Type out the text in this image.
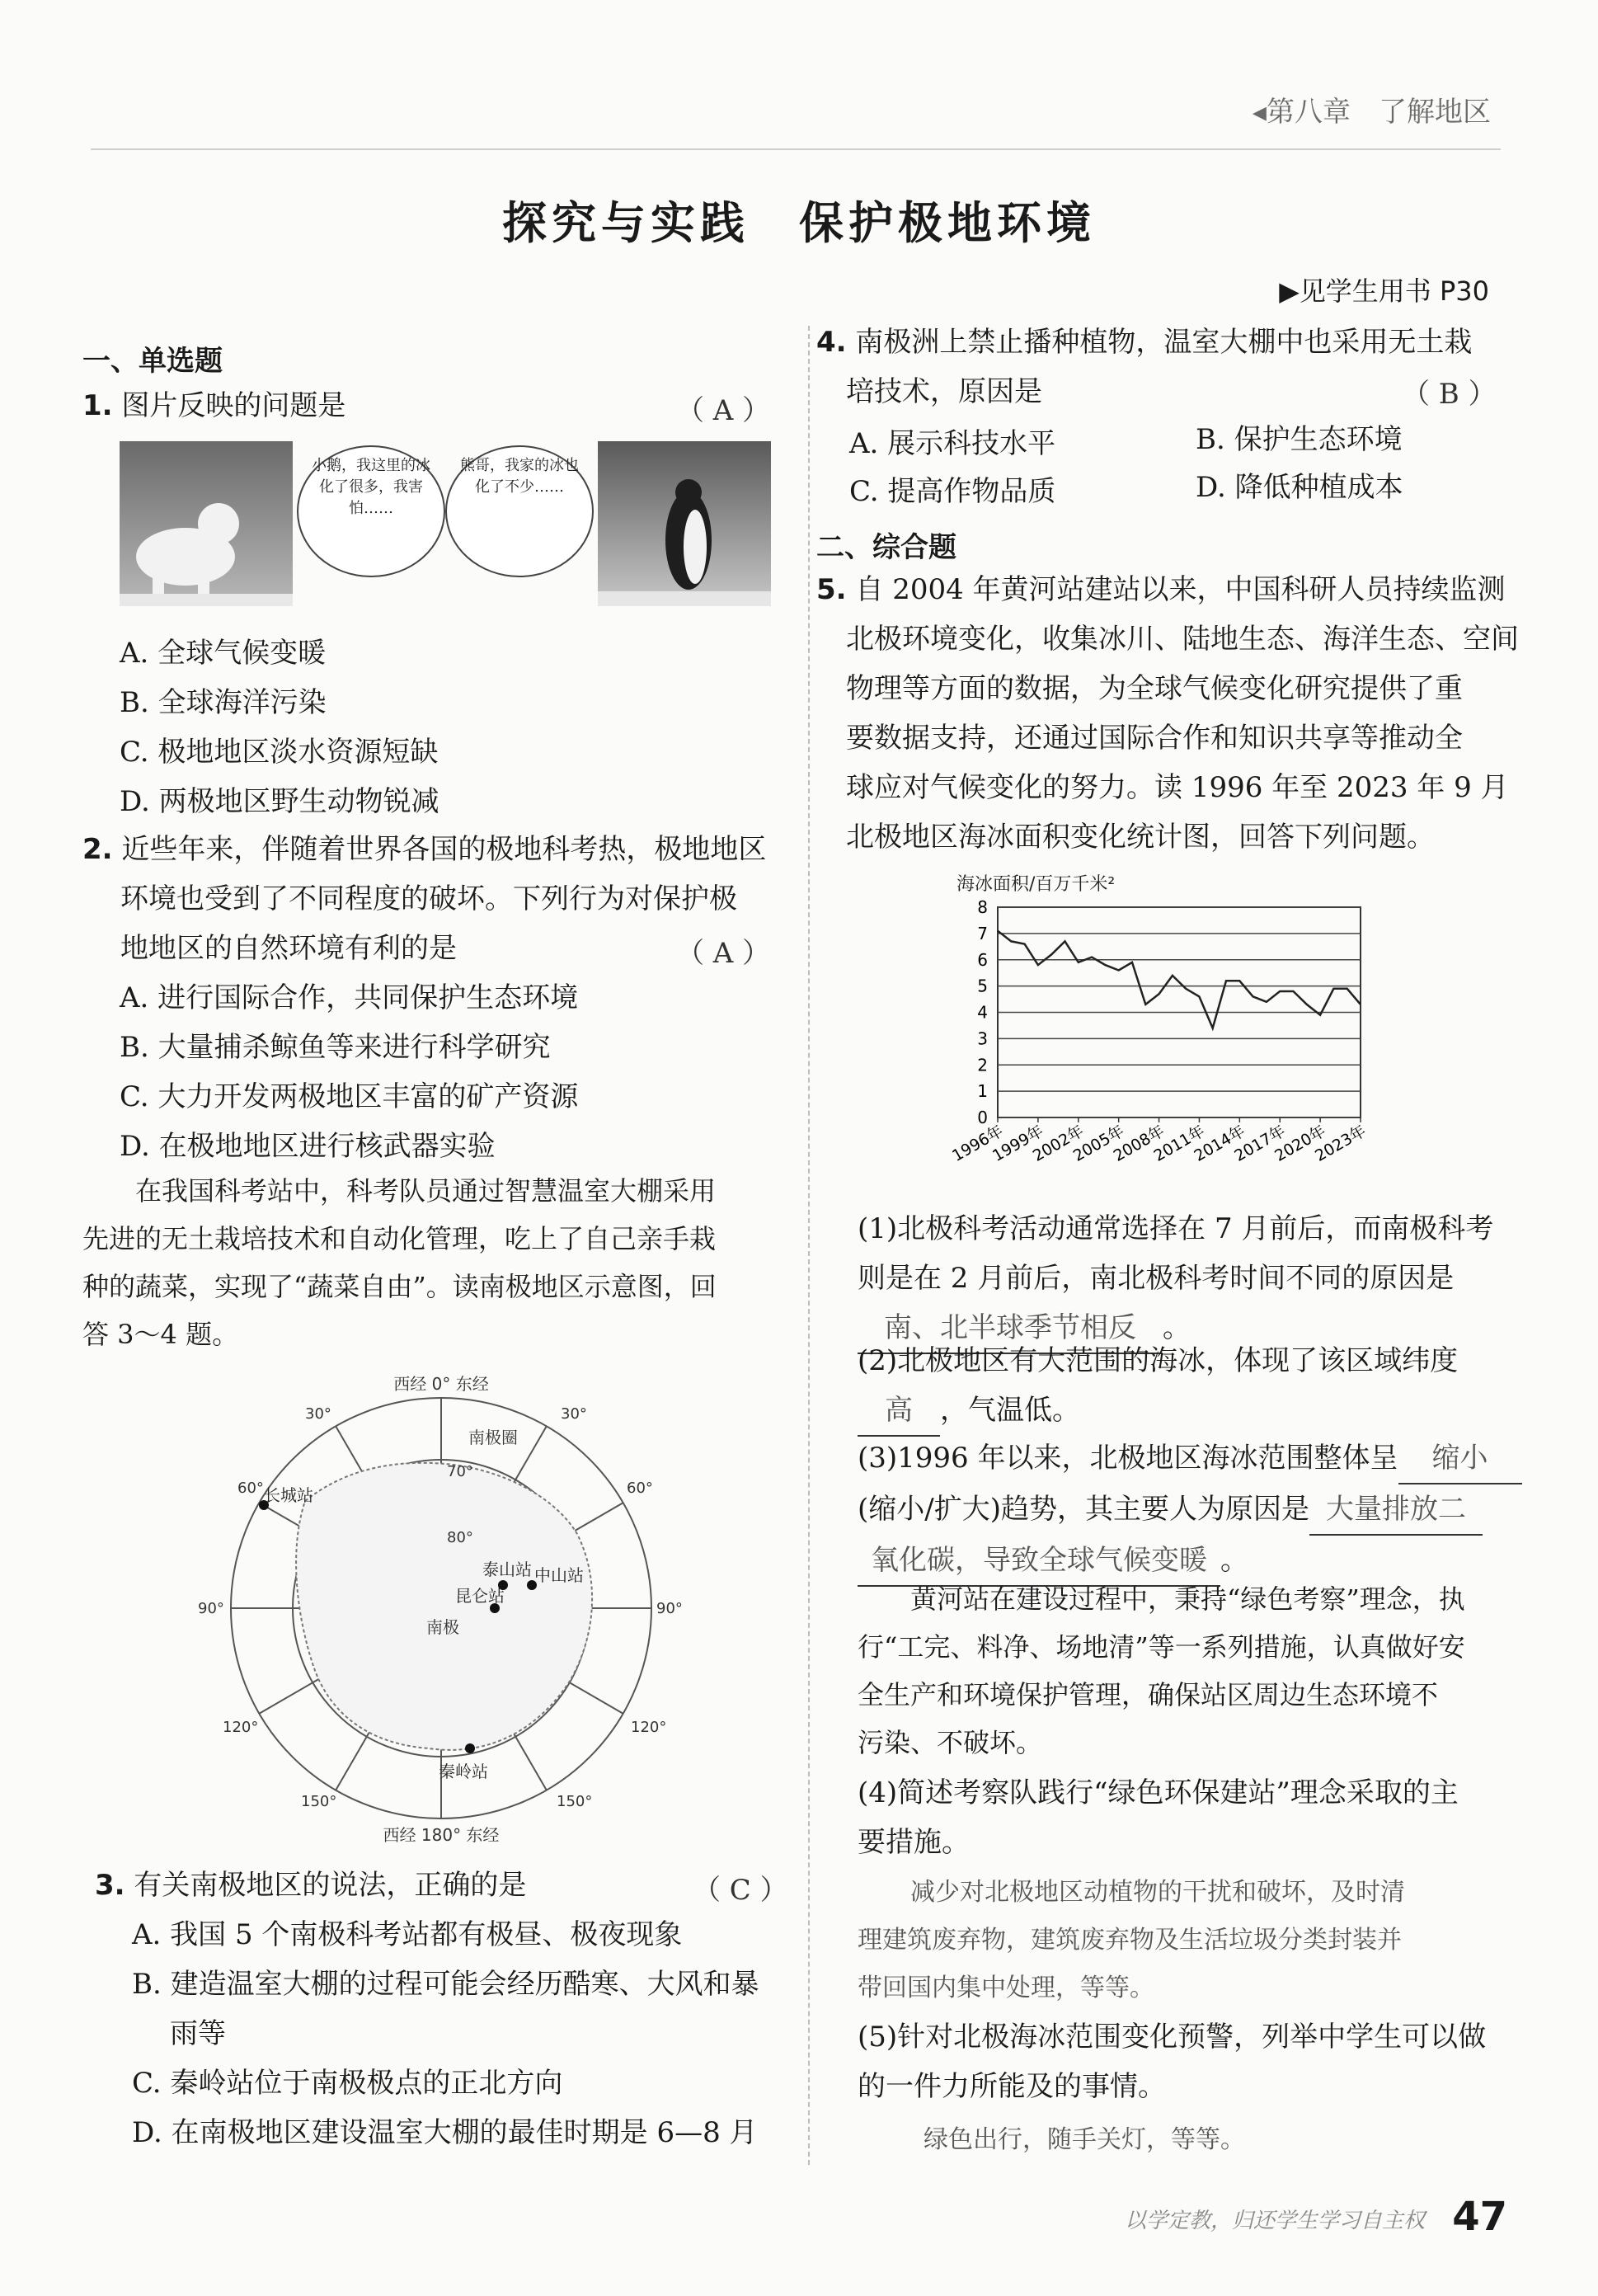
◂第八章　了解地区
探究与实践　保护极地环境
▶见学生用书 P30
一、单选题
1. 图片反映的问题是	（ A ）
小鹅，我这里的冰化了很多，我害怕……
熊哥，我家的冰也化了不少……
A. 全球气候变暖
B. 全球海洋污染
C. 极地地区淡水资源短缺
D. 两极地区野生动物锐减
2. 近些年来，伴随着世界各国的极地科考热，极地地区
环境也受到了不同程度的破坏。下列行为对保护极
地地区的自然环境有利的是	（ A ）
A. 进行国际合作，共同保护生态环境
B. 大量捕杀鲸鱼等来进行科学研究
C. 大力开发两极地区丰富的矿产资源
D. 在极地地区进行核武器实验
在我国科考站中，科考队员通过智慧温室大棚采用
先进的无土栽培技术和自动化管理，吃上了自己亲手栽
种的蔬菜，实现了“蔬菜自由”。读南极地区示意图，回
答 3～4 题。
西经 0° 东经
西经 180° 东经
南极圈
70°
80°
南极
30°	30°
60°	60°
90°	90°
120°	120°
150°	150°
长城站
中山站
泰山站
昆仑站
秦岭站
3. 有关南极地区的说法，正确的是	（ C ）
A. 我国 5 个南极科考站都有极昼、极夜现象
B. 建造温室大棚的过程可能会经历酷寒、大风和暴
雨等
C. 秦岭站位于南极极点的正北方向
D. 在南极地区建设温室大棚的最佳时期是 6—8 月
4. 南极洲上禁止播种植物，温室大棚中也采用无土栽
培技术，原因是	（ B ）
A. 展示科技水平	B. 保护生态环境
C. 提高作物品质	D. 降低种植成本
二、综合题
5. 自 2004 年黄河站建站以来，中国科研人员持续监测
北极环境变化，收集冰川、陆地生态、海洋生态、空间
物理等方面的数据，为全球气候变化研究提供了重
要数据支持，还通过国际合作和知识共享等推动全
球应对气候变化的努力。读 1996 年至 2023 年 9 月
北极地区海冰面积变化统计图，回答下列问题。
海冰面积/百万千米²
0
1
2
3
4
5
6
7
8
1996年
1999年
2002年
2005年
2008年
2011年
2014年
2017年
2020年
2023年
(1)北极科考活动通常选择在 7 月前后，而南极科考
则是在 2 月前后，南北极科考时间不同的原因是
南、北半球季节相反 。
(2)北极地区有大范围的海冰，体现了该区域纬度
高 ，气温低。
(3)1996 年以来，北极地区海冰范围整体呈 缩小
(缩小/扩大)趋势，其主要人为原因是 大量排放二
氧化碳，导致全球气候变暖 。
黄河站在建设过程中，秉持“绿色考察”理念，执
行“工完、料净、场地清”等一系列措施，认真做好安
全生产和环境保护管理，确保站区周边生态环境不
污染、不破坏。
(4)简述考察队践行“绿色环保建站”理念采取的主
要措施。
减少对北极地区动植物的干扰和破坏，及时清
理建筑废弃物，建筑废弃物及生活垃圾分类封装并
带回国内集中处理，等等。
(5)针对北极海冰范围变化预警，列举中学生可以做
的一件力所能及的事情。
绿色出行，随手关灯，等等。
以学定教，归还学生学习自主权 47
